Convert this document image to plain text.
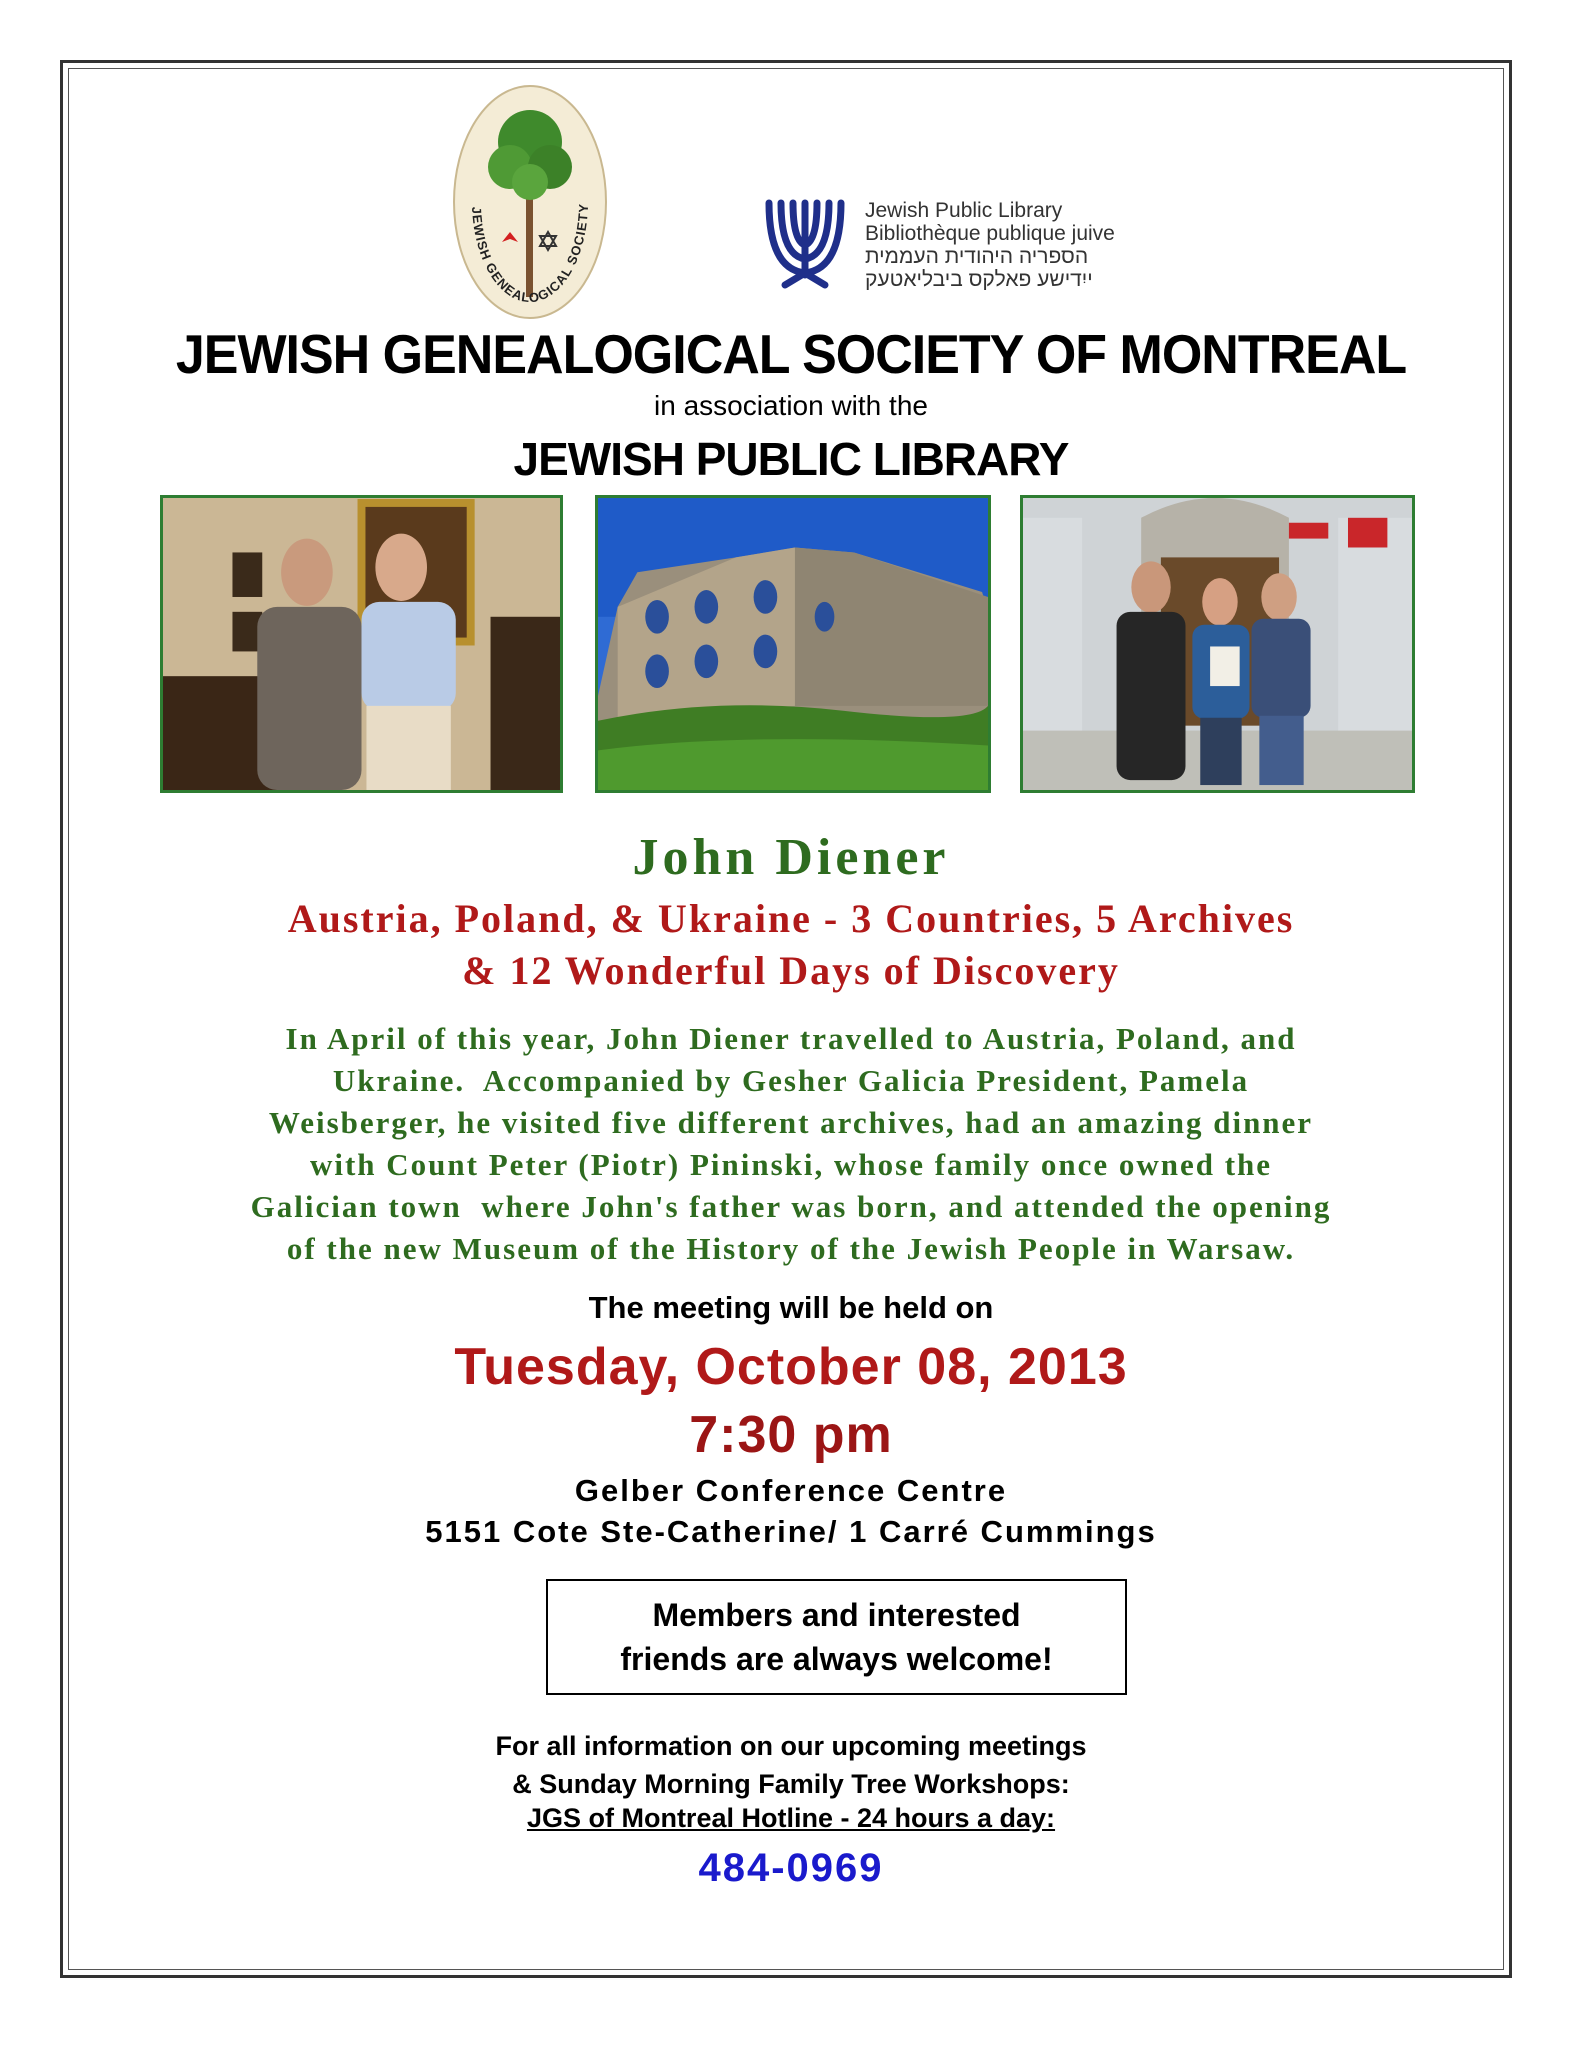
JEWISH GENEALOGICAL SOCIETY	Jewish Public Library
Bibliothèque publique juive
הספריה היהודית העממית
ייִדישע פאלקס ביבליאטעק
JEWISH GENEALOGICAL SOCIETY OF MONTREAL
in association with the
JEWISH PUBLIC LIBRARY
John Diener
Austria, Poland, & Ukraine - 3 Countries, 5 Archives
& 12 Wonderful Days of Discovery
In April of this year, John Diener travelled to Austria, Poland, and
Ukraine.  Accompanied by Gesher Galicia President, Pamela
Weisberger, he visited five different archives, had an amazing dinner
with Count Peter (Piotr) Pininski, whose family once owned the
Galician town  where John's father was born, and attended the opening
of the new Museum of the History of the Jewish People in Warsaw.
The meeting will be held on
Tuesday, October 08, 2013
7:30 pm
Gelber Conference Centre
5151 Cote Ste-Catherine/ 1 Carré Cummings
Members and interested
friends are always welcome!
For all information on our upcoming meetings
& Sunday Morning Family Tree Workshops:
JGS of Montreal Hotline - 24 hours a day:
484-0969
